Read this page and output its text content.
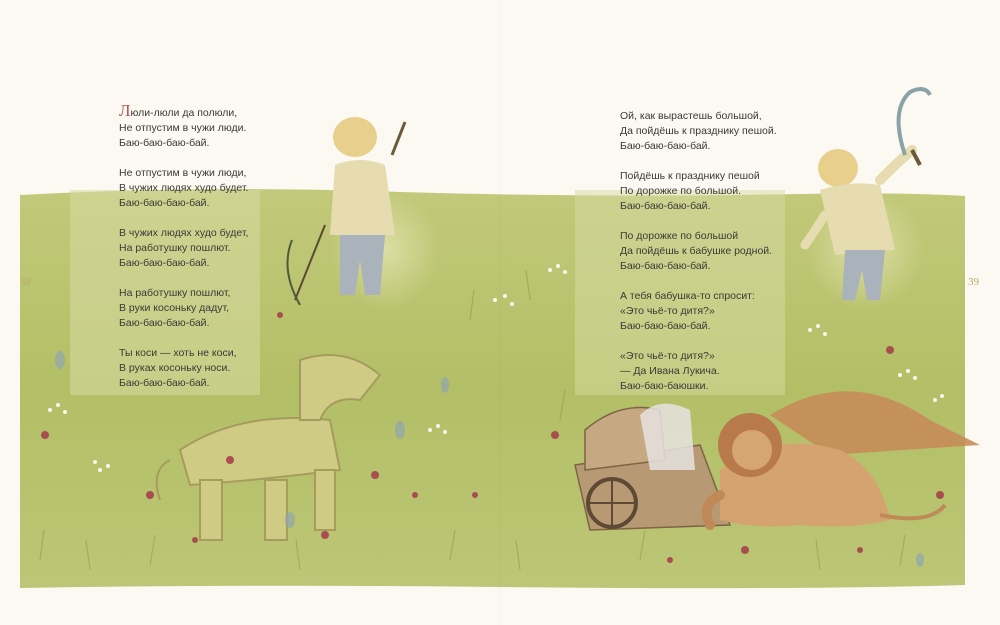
38	39
Люли-люли да полюли,
Не отпустим в чужи люди.
Баю-баю-баю-бай.
Не отпустим в чужи люди,
В чужих людях худо будет.
Баю-баю-баю-бай.
В чужих людях худо будет,
На работушку пошлют.
Баю-баю-баю-бай.
На работушку пошлют,
В руки косоньку дадут,
Баю-баю-баю-бай.
Ты коси — хоть не коси,
В руках косоньку носи.
Баю-баю-баю-бай.
Ой, как вырастешь большой,
Да пойдёшь к празднику пешой.
Баю-баю-баю-бай.
Пойдёшь к празднику пешой
По дорожке по большой.
Баю-баю-баю-бай.
По дорожке по большой
Да пойдёшь к бабушке родной.
Баю-баю-баю-бай.
А тебя бабушка-то спросит:
«Это чьё-то дитя?»
Баю-баю-баю-бай.
«Это чьё-то дитя?»
— Да Ивана Лукича.
Баю-баю-баюшки.
